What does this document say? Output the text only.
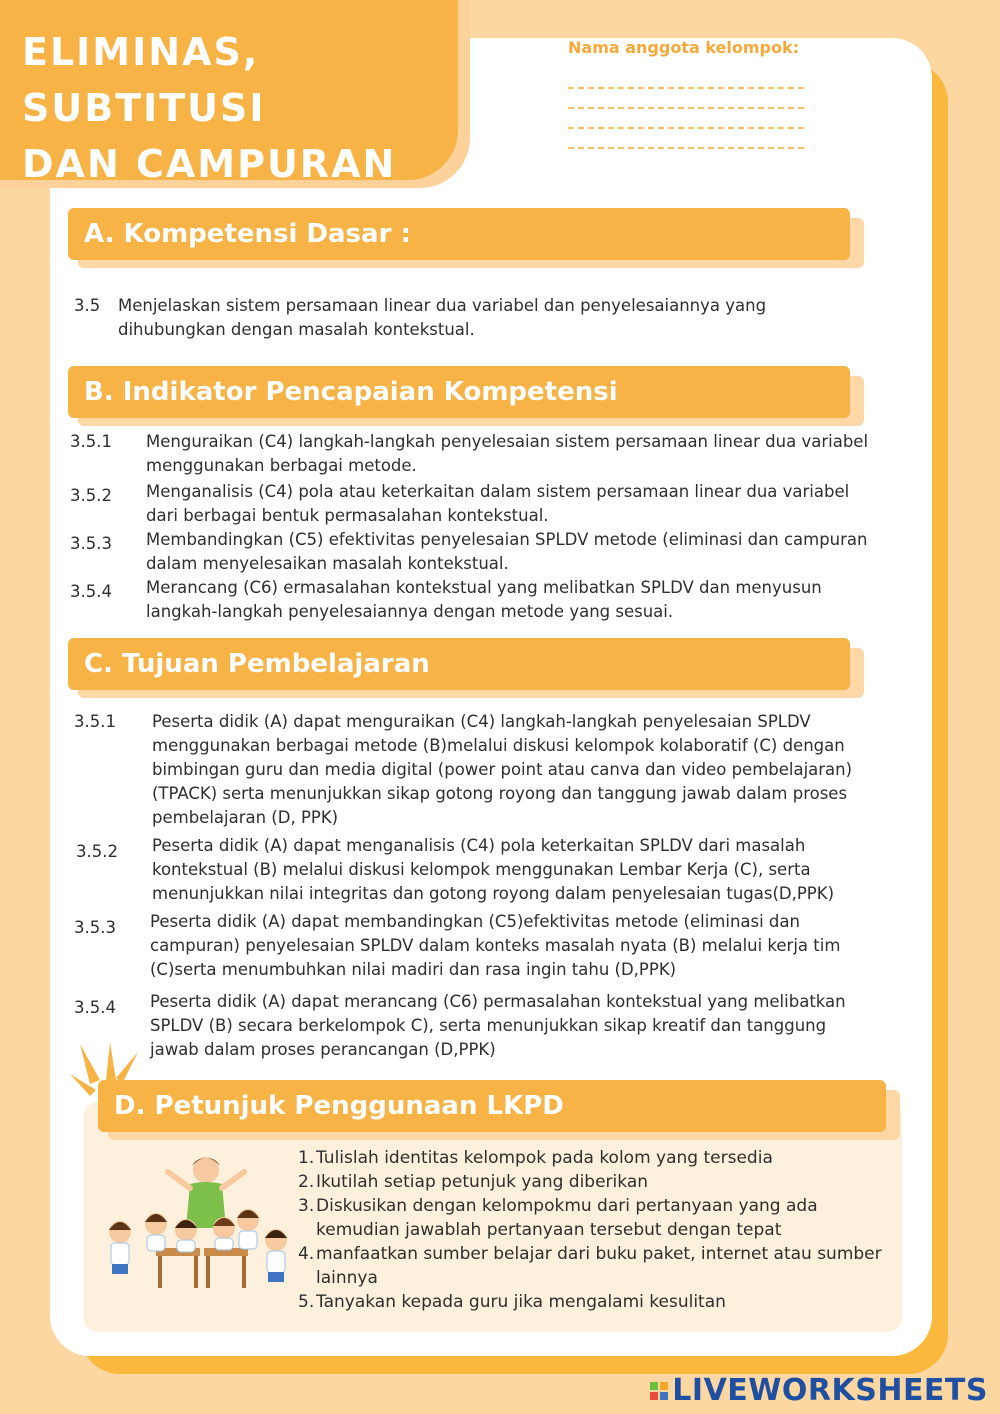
ELIMINAS, SUBTITUSI
DAN CAMPURAN
Nama anggota kelompok:
A. Kompetensi Dasar :
3.5 Menjelaskan sistem persamaan linear dua variabel dan penyelesaiannya yang dihubungkan dengan masalah kontekstual.
B. Indikator Pencapaian Kompetensi
3.5.1 Menguraikan (C4) langkah-langkah penyelesaian sistem persamaan linear dua variabel menggunakan berbagai metode.
3.5.2 Menganalisis (C4) pola atau keterkaitan dalam sistem persamaan linear dua variabel dari berbagai bentuk permasalahan kontekstual.
3.5.3 Membandingkan (C5) efektivitas penyelesaian SPLDV metode (eliminasi dan campuran dalam menyelesaikan masalah kontekstual.
3.5.4 Merancang (C6) ermasalahan kontekstual yang melibatkan SPLDV dan menyusun langkah-langkah penyelesaiannya dengan metode yang sesuai.
C. Tujuan Pembelajaran
3.5.1 Peserta didik (A) dapat menguraikan (C4) langkah-langkah penyelesaian SPLDV menggunakan berbagai metode (B)melalui diskusi kelompok kolaboratif (C) dengan bimbingan guru dan media digital (power point atau canva dan video pembelajaran) (TPACK) serta menunjukkan sikap gotong royong dan tanggung jawab dalam proses pembelajaran (D, PPK)
3.5.2 Peserta didik (A) dapat menganalisis (C4) pola keterkaitan SPLDV dari masalah kontekstual (B) melalui diskusi kelompok menggunakan Lembar Kerja (C), serta menunjukkan nilai integritas dan gotong royong dalam penyelesaian tugas(D,PPK)
3.5.3 Peserta didik (A) dapat membandingkan (C5)efektivitas metode (eliminasi dan campuran) penyelesaian SPLDV dalam konteks masalah nyata (B) melalui kerja tim (C)serta menumbuhkan nilai madiri dan rasa ingin tahu (D,PPK)
3.5.4 Peserta didik (A) dapat merancang (C6) permasalahan kontekstual yang melibatkan SPLDV (B) secara berkelompok C), serta menunjukkan sikap kreatif dan tanggung jawab dalam proses perancangan (D,PPK)
D. Petunjuk Penggunaan LKPD
1. Tulislah identitas kelompok pada kolom yang tersedia
2. Ikutilah setiap petunjuk yang diberikan
3. Diskusikan dengan kelompokmu dari pertanyaan yang ada kemudian jawablah pertanyaan tersebut dengan tepat
4. manfaatkan sumber belajar dari buku paket, internet atau sumber lainnya
5. Tanyakan kepada guru jika mengalami kesulitan
LIVEWORKSHEETS
